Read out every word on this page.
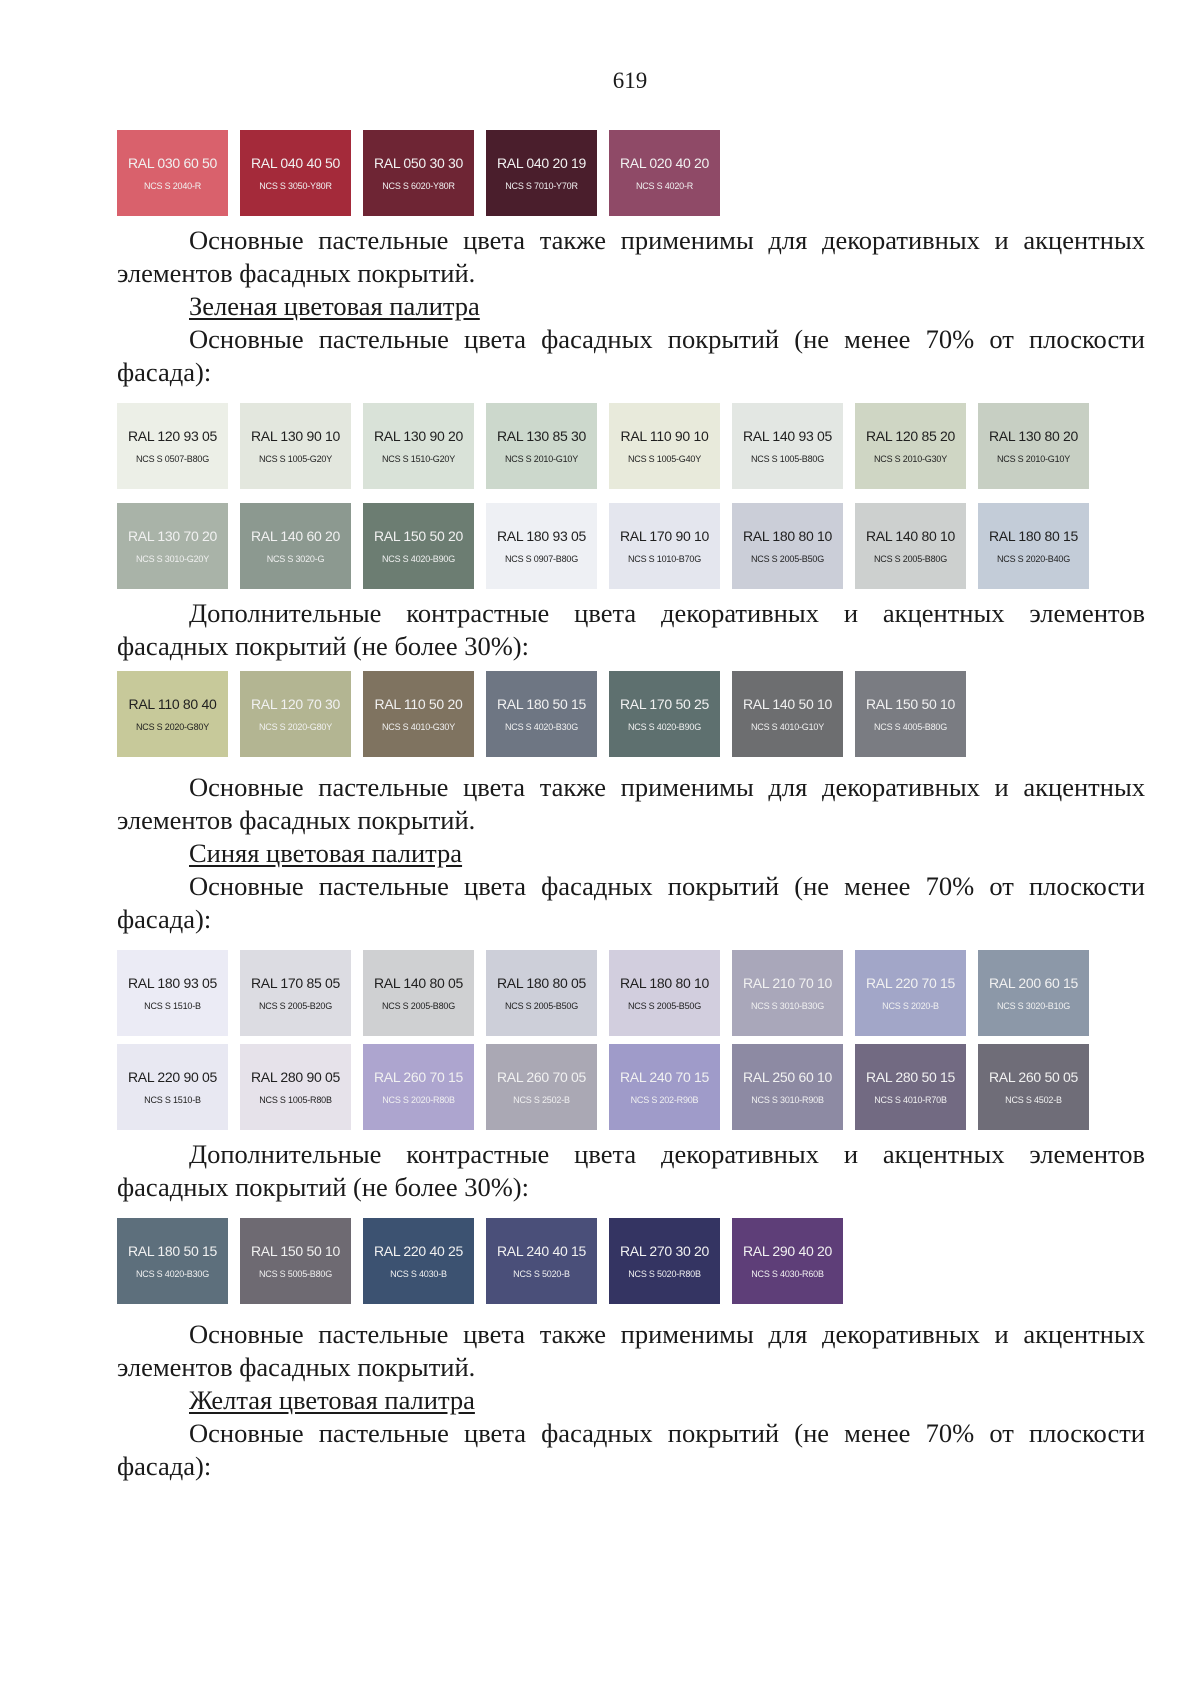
619
RAL 030 60 50
NCS S 2040-R
RAL 040 40 50
NCS S 3050-Y80R
RAL 050 30 30
NCS S 6020-Y80R
RAL 040 20 19
NCS S 7010-Y70R
RAL 020 40 20
NCS S 4020-R

Основные пастельные цвета также применимы для декоративных и акцентных элементов фасадных покрытий.

Зеленая цветовая палитра

Основные пастельные цвета фасадных покрытий (не менее 70% от плоскости фасада):

RAL 120 93 05
NCS S 0507-B80G
RAL 130 90 10
NCS S 1005-G20Y
RAL 130 90 20
NCS S 1510-G20Y
RAL 130 85 30
NCS S 2010-G10Y
RAL 110 90 10
NCS S 1005-G40Y
RAL 140 93 05
NCS S 1005-B80G
RAL 120 85 20
NCS S 2010-G30Y
RAL 130 80 20
NCS S 2010-G10Y
RAL 130 70 20
NCS S 3010-G20Y
RAL 140 60 20
NCS S 3020-G
RAL 150 50 20
NCS S 4020-B90G
RAL 180 93 05
NCS S 0907-B80G
RAL 170 90 10
NCS S 1010-B70G
RAL 180 80 10
NCS S 2005-B50G
RAL 140 80 10
NCS S 2005-B80G
RAL 180 80 15
NCS S 2020-B40G

Дополнительные контрастные цвета декоративных и акцентных элементов фасадных покрытий (не более 30%):

RAL 110 80 40
NCS S 2020-G80Y
RAL 120 70 30
NCS S 2020-G80Y
RAL 110 50 20
NCS S 4010-G30Y
RAL 180 50 15
NCS S 4020-B30G
RAL 170 50 25
NCS S 4020-B90G
RAL 140 50 10
NCS S 4010-G10Y
RAL 150 50 10
NCS S 4005-B80G

Основные пастельные цвета также применимы для декоративных и акцентных элементов фасадных покрытий.

Синяя цветовая палитра

Основные пастельные цвета фасадных покрытий (не менее 70% от плоскости фасада):

RAL 180 93 05
NCS S 1510-B
RAL 170 85 05
NCS S 2005-B20G
RAL 140 80 05
NCS S 2005-B80G
RAL 180 80 05
NCS S 2005-B50G
RAL 180 80 10
NCS S 2005-B50G
RAL 210 70 10
NCS S 3010-B30G
RAL 220 70 15
NCS S 2020-B
RAL 200 60 15
NCS S 3020-B10G
RAL 220 90 05
NCS S 1510-B
RAL 280 90 05
NCS S 1005-R80B
RAL 260 70 15
NCS S 2020-R80B
RAL 260 70 05
NCS S 2502-B
RAL 240 70 15
NCS S 202-R90B
RAL 250 60 10
NCS S 3010-R90B
RAL 280 50 15
NCS S 4010-R70B
RAL 260 50 05
NCS S 4502-B

Дополнительные контрастные цвета декоративных и акцентных элементов фасадных покрытий (не более 30%):

RAL 180 50 15
NCS S 4020-B30G
RAL 150 50 10
NCS S 5005-B80G
RAL 220 40 25
NCS S 4030-B
RAL 240 40 15
NCS S 5020-B
RAL 270 30 20
NCS S 5020-R80B
RAL 290 40 20
NCS S 4030-R60B

Основные пастельные цвета также применимы для декоративных и акцентных элементов фасадных покрытий.

Желтая цветовая палитра

Основные пастельные цвета фасадных покрытий (не менее 70% от плоскости фасада):
